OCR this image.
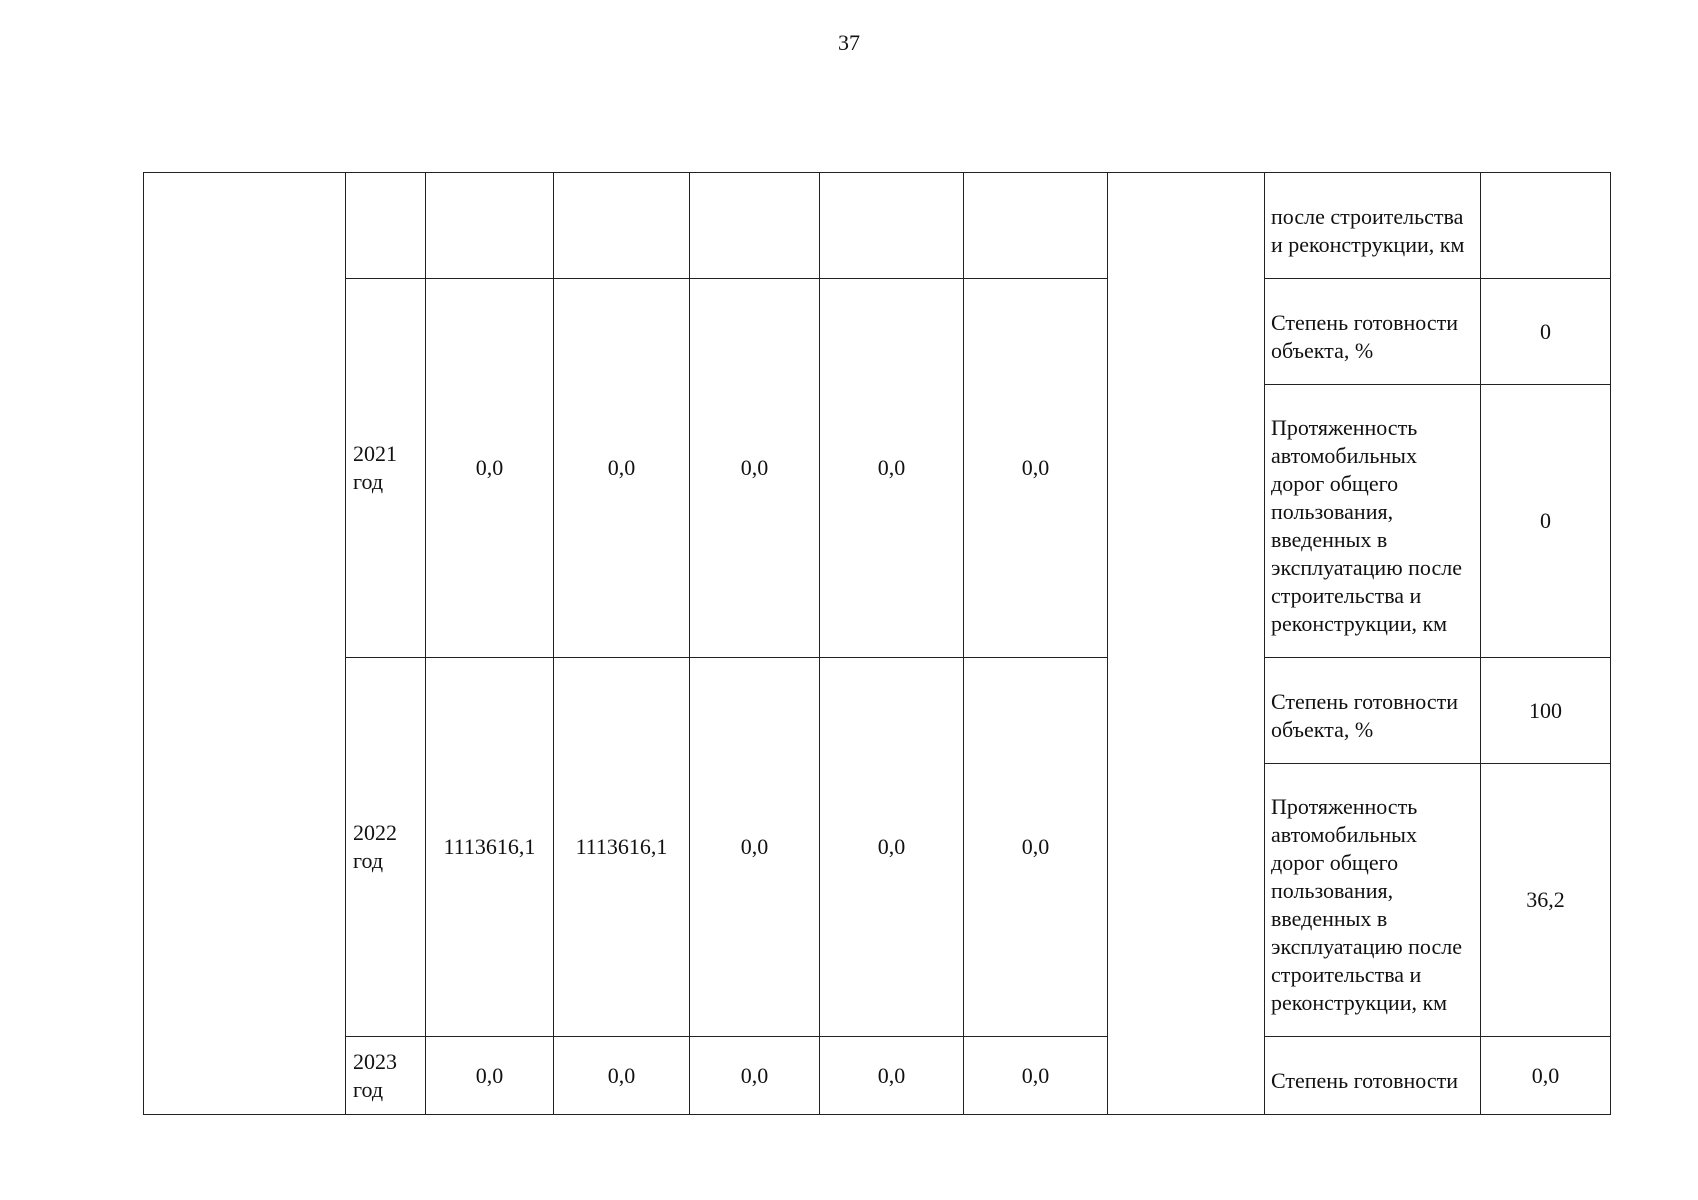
37
								после строительства и реконструкции, км	
	2021 год	0,0	0,0	0,0	0,0	0,0		Степень готовности объекта, %	0
								Протяженность автомобильных дорог общего пользования, введенных в эксплуатацию после строительства и реконструкции, км	0
	2022 год	1113616,1	1113616,1	0,0	0,0	0,0		Степень готовности объекта, %	100
								Протяженность автомобильных дорог общего пользования, введенных в эксплуатацию после строительства и реконструкции, км	36,2
	2023 год	0,0	0,0	0,0	0,0	0,0		Степень готовности	0,0
